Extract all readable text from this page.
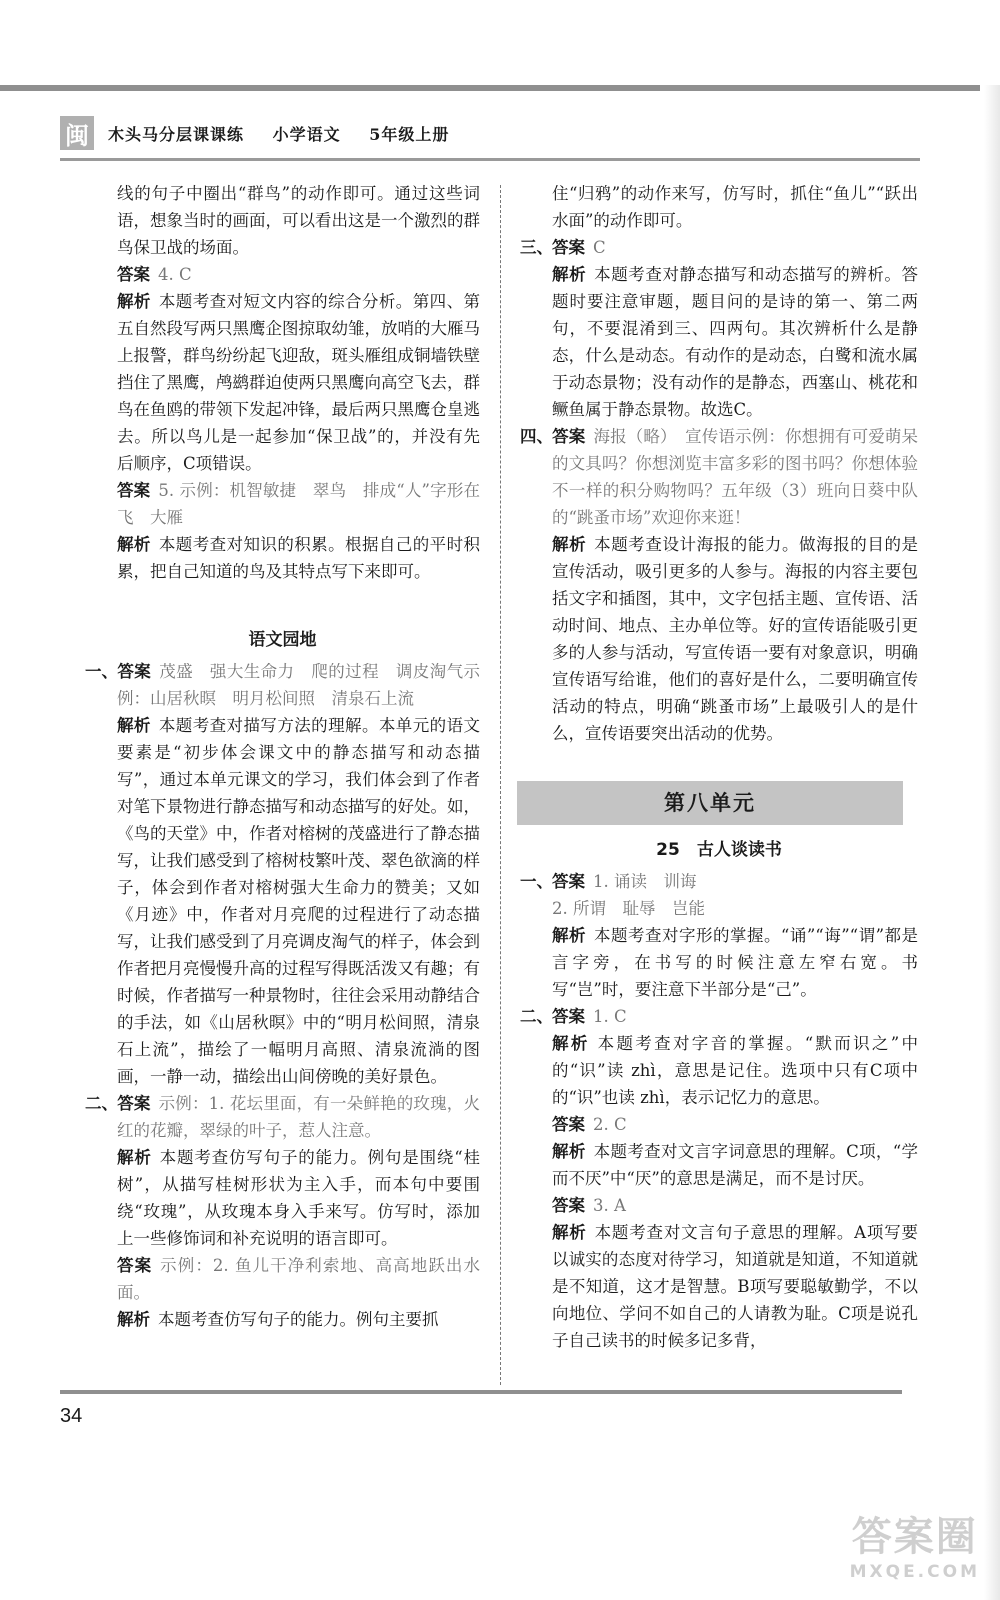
闽	木头马分层课课练 小学语文 5年级上册

线的句子中圈出“群鸟”的动作即可。通过这些词语，想象当时的画面，可以看出这是一个激烈的群鸟保卫战的场面。

答案 4. C

解析 本题考查对短文内容的综合分析。第四、第五自然段写两只黑鹰企图掠取幼雏，放哨的大雁马上报警，群鸟纷纷起飞迎敌，斑头雁组成铜墙铁壁挡住了黑鹰，鸬鹚群迫使两只黑鹰向高空飞去，群鸟在鱼鸥的带领下发起冲锋，最后两只黑鹰仓皇逃去。所以鸟儿是一起参加“保卫战”的，并没有先后顺序，C项错误。

答案 5. 示例：机智敏捷　翠鸟　排成“人”字形在飞　大雁

解析 本题考查对知识的积累。根据自己的平时积累，把自己知道的鸟及其特点写下来即可。

语文园地

一、答案 茂盛　强大生命力　爬的过程　调皮淘气示例：山居秋暝　明月松间照　清泉石上流

解析 本题考查对描写方法的理解。本单元的语文要素是“初步体会课文中的静态描写和动态描写”，通过本单元课文的学习，我们体会到了作者对笔下景物进行静态描写和动态描写的好处。如，《鸟的天堂》中，作者对榕树的茂盛进行了静态描写，让我们感受到了榕树枝繁叶茂、翠色欲滴的样子，体会到作者对榕树强大生命力的赞美；又如《月迹》中，作者对月亮爬的过程进行了动态描写，让我们感受到了月亮调皮淘气的样子，体会到作者把月亮慢慢升高的过程写得既活泼又有趣；有时候，作者描写一种景物时，往往会采用动静结合的手法，如《山居秋暝》中的“明月松间照，清泉石上流”，描绘了一幅明月高照、清泉流淌的图画，一静一动，描绘出山间傍晚的美好景色。

二、答案 示例：1. 花坛里面，有一朵鲜艳的玫瑰，火红的花瓣，翠绿的叶子，惹人注意。

解析 本题考查仿写句子的能力。例句是围绕“桂树”，从描写桂树形状为主入手，而本句中要围绕“玫瑰”，从玫瑰本身入手来写。仿写时，添加上一些修饰词和补充说明的语言即可。

答案 示例：2. 鱼儿干净利索地、高高地跃出水面。

解析 本题考查仿写句子的能力。例句主要抓

住“归鸦”的动作来写，仿写时，抓住“鱼儿”“跃出水面”的动作即可。

三、答案 C

解析 本题考查对静态描写和动态描写的辨析。答题时要注意审题，题目问的是诗的第一、第二两句，不要混淆到三、四两句。其次辨析什么是静态，什么是动态。有动作的是动态，白鹭和流水属于动态景物；没有动作的是静态，西塞山、桃花和鳜鱼属于静态景物。故选C。

四、答案 海报（略）　宣传语示例：你想拥有可爱萌呆的文具吗？你想浏览丰富多彩的图书吗？你想体验不一样的积分购物吗？五年级（3）班向日葵中队的“跳蚤市场”欢迎你来逛！

解析 本题考查设计海报的能力。做海报的目的是宣传活动，吸引更多的人参与。海报的内容主要包括文字和插图，其中，文字包括主题、宣传语、活动时间、地点、主办单位等。好的宣传语能吸引更多的人参与活动，写宣传语一要有对象意识，明确宣传语写给谁，他们的喜好是什么，二要明确宣传活动的特点，明确“跳蚤市场”上最吸引人的是什么，宣传语要突出活动的优势。

第八单元
25　古人谈读书

一、答案 1. 诵读　训诲
2. 所谓　耻辱　岂能

解析 本题考查对字形的掌握。“诵”“诲”“谓”都是言字旁，在书写的时候注意左窄右宽。书写“岂”时，要注意下半部分是“己”。

二、答案 1. C

解析 本题考查对字音的掌握。“默而识之”中的“识”读 zhì，意思是记住。选项中只有C项中的“识”也读 zhì，表示记忆力的意思。

答案 2. C

解析 本题考查对文言字词意思的理解。C项，“学而不厌”中“厌”的意思是满足，而不是讨厌。

答案 3. A

解析 本题考查对文言句子意思的理解。A项写要以诚实的态度对待学习，知道就是知道，不知道就是不知道，这才是智慧。B项写要聪敏勤学，不以向地位、学问不如自己的人请教为耻。C项是说孔子自己读书的时候多记多背，

34
答案圈
MXQE.COM
